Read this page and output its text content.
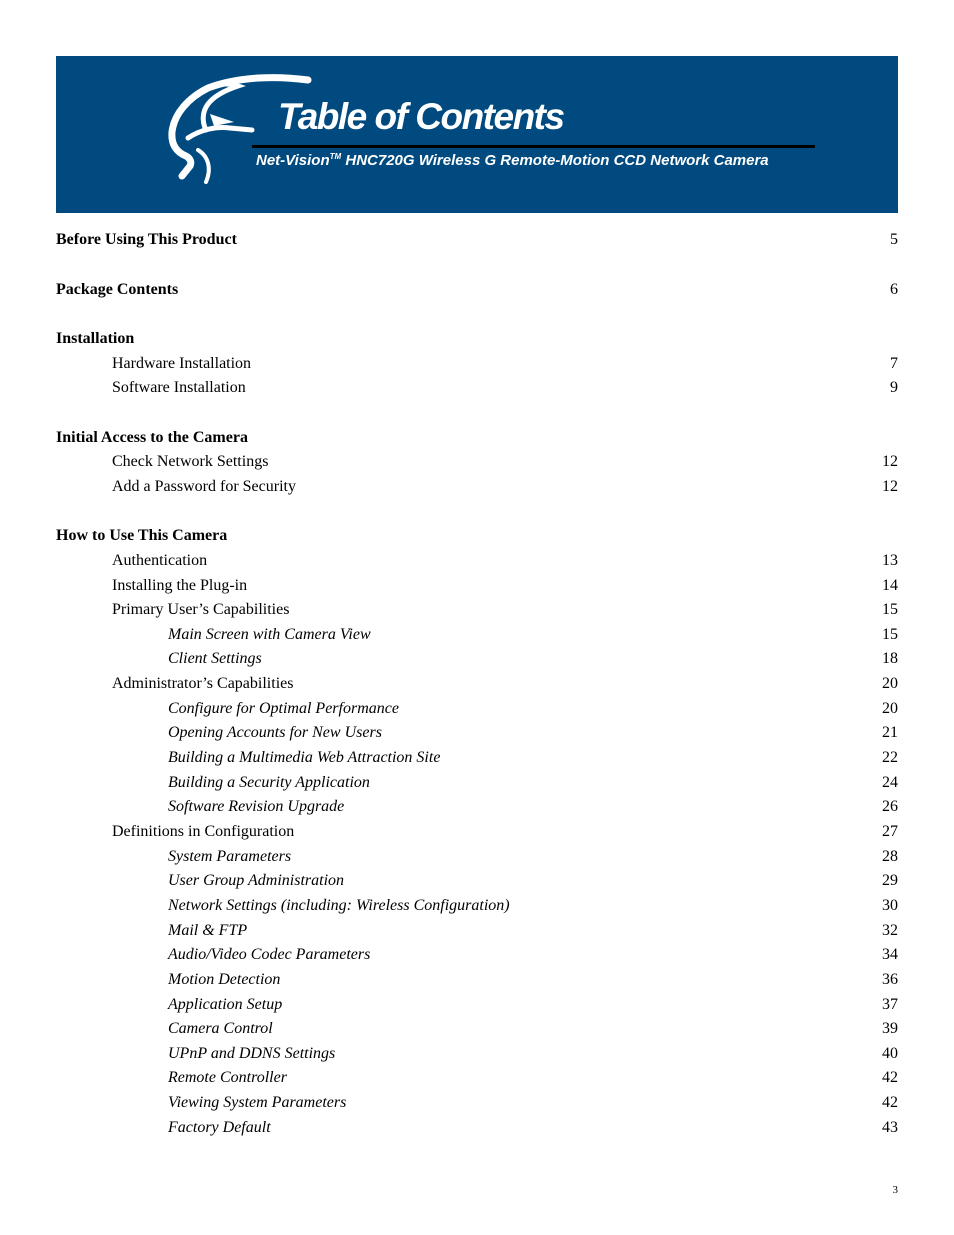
Table of Contents
Net-Vision™ HNC720G Wireless G Remote-Motion CCD Network Camera
Before Using This Product	5
Package Contents	6
Installation
Hardware Installation	7
Software Installation	9
Initial Access to the Camera
Check Network Settings	12
Add a Password for Security	12
How to Use This Camera
Authentication	13
Installing the Plug-in	14
Primary User’s Capabilities	15
Main Screen with Camera View	15
Client Settings	18
Administrator’s Capabilities	20
Configure for Optimal Performance	20
Opening Accounts for New Users	21
Building a Multimedia Web Attraction Site	22
Building a Security Application	24
Software Revision Upgrade	26
Definitions in Configuration	27
System Parameters	28
User Group Administration	29
Network Settings (including: Wireless Configuration)	30
Mail & FTP	32
Audio/Video Codec Parameters	34
Motion Detection	36
Application Setup	37
Camera Control	39
UPnP and DDNS Settings	40
Remote Controller	42
Viewing System Parameters	42
Factory Default	43
3
